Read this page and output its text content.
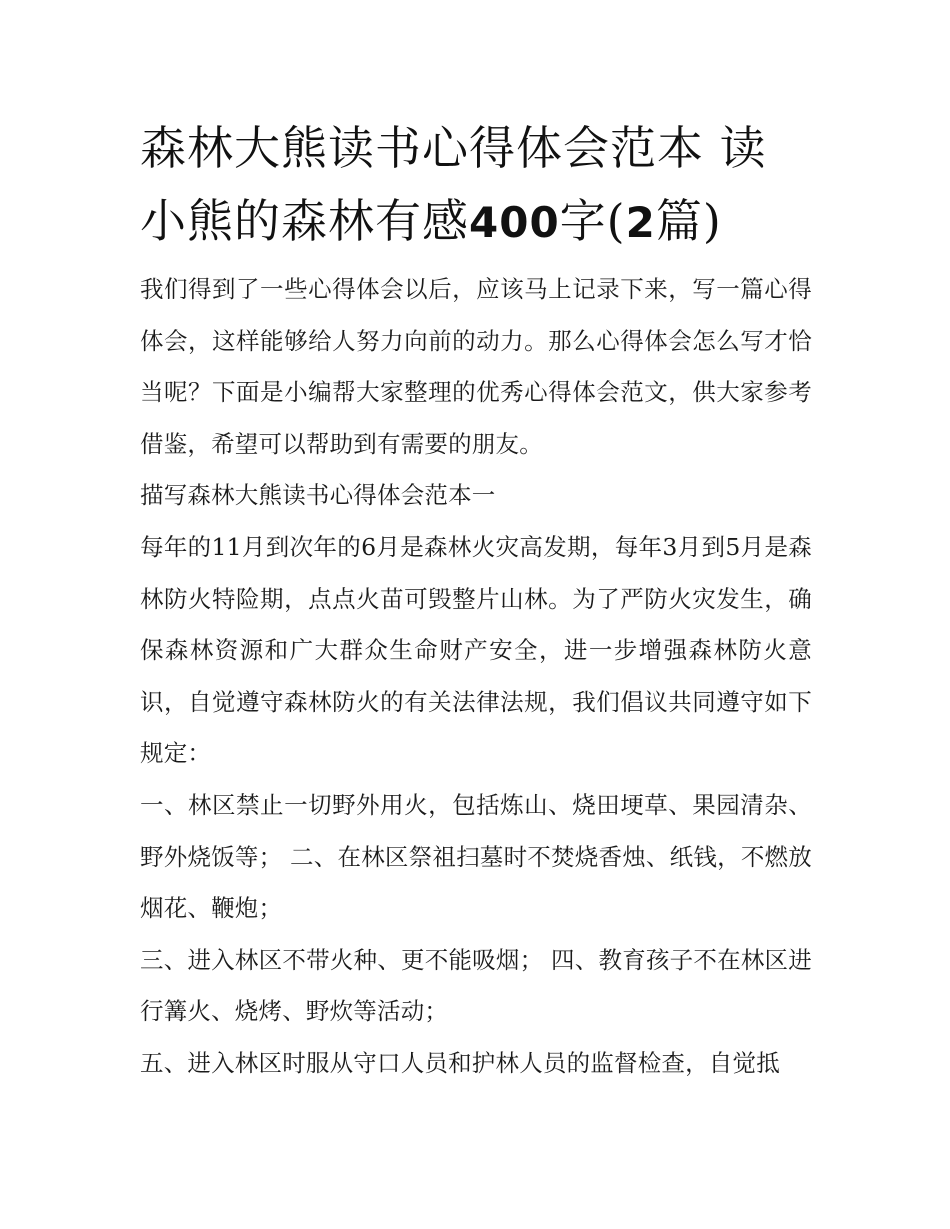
森林大熊读书心得体会范本 读
小熊的森林有感400字(2篇)

我们得到了一些心得体会以后，应该马上记录下来，写一篇心得体会，这样能够给人努力向前的动力。那么心得体会怎么写才恰当呢？下面是小编帮大家整理的优秀心得体会范文，供大家参考借鉴，希望可以帮助到有需要的朋友。

描写森林大熊读书心得体会范本一

每年的11月到次年的6月是森林火灾高发期，每年3月到5月是森林防火特险期，点点火苗可毁整片山林。为了严防火灾发生，确保森林资源和广大群众生命财产安全，进一步增强森林防火意识，自觉遵守森林防火的有关法律法规，我们倡议共同遵守如下规定：

一、林区禁止一切野外用火，包括炼山、烧田埂草、果园清杂、野外烧饭等； 二、在林区祭祖扫墓时不焚烧香烛、纸钱，不燃放烟花、鞭炮；

三、进入林区不带火种、更不能吸烟； 四、教育孩子不在林区进行篝火、烧烤、野炊等活动；

五、进入林区时服从守口人员和护林人员的监督检查，自觉抵
